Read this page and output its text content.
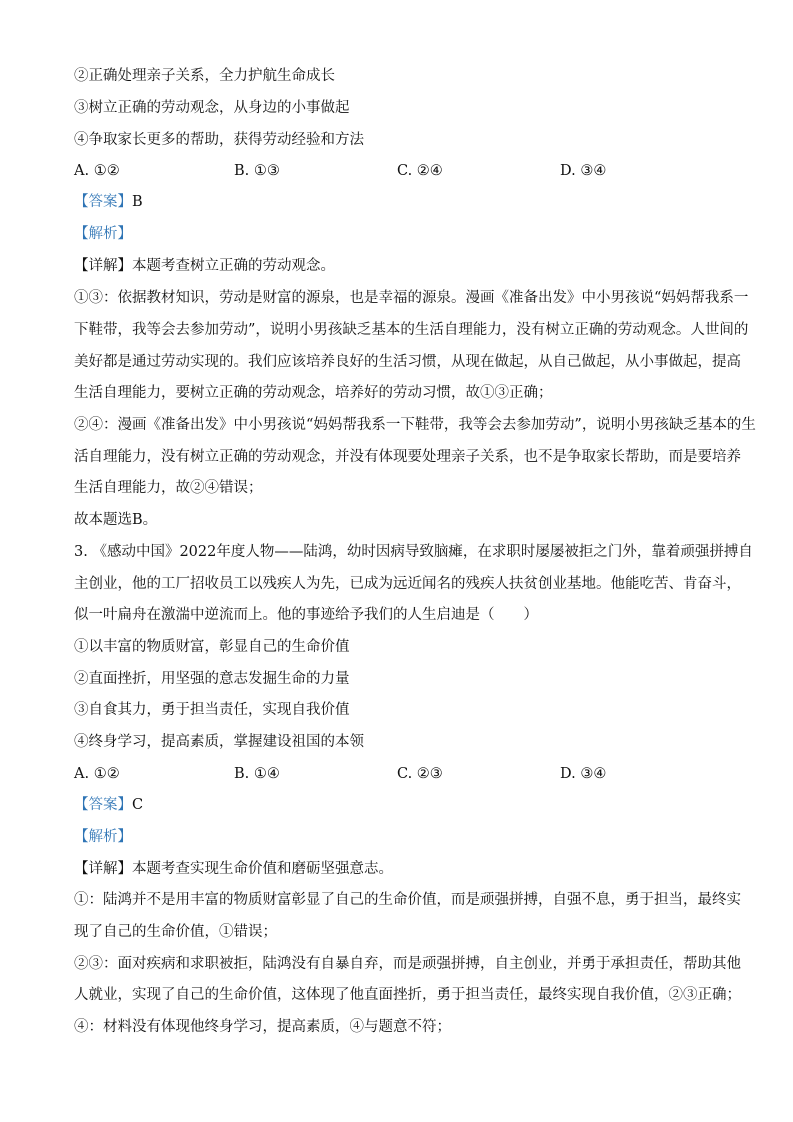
②正确处理亲子关系，全力护航生命成长
③树立正确的劳动观念，从身边的小事做起
④争取家长更多的帮助，获得劳动经验和方法
A. ①②	B. ①③	C. ②④	D. ③④
【答案】B
【解析】
【详解】本题考查树立正确的劳动观念。
①③：依据教材知识，劳动是财富的源泉，也是幸福的源泉。漫画《准备出发》中小男孩说“妈妈帮我系一
下鞋带，我等会去参加劳动”，说明小男孩缺乏基本的生活自理能力，没有树立正确的劳动观念。人世间的
美好都是通过劳动实现的。我们应该培养良好的生活习惯，从现在做起，从自己做起，从小事做起，提高
生活自理能力，要树立正确的劳动观念，培养好的劳动习惯，故①③正确；
②④：漫画《准备出发》中小男孩说“妈妈帮我系一下鞋带，我等会去参加劳动”，说明小男孩缺乏基本的生
活自理能力，没有树立正确的劳动观念，并没有体现要处理亲子关系，也不是争取家长帮助，而是要培养
生活自理能力，故②④错误；
故本题选B。
3. 《感动中国》2022年度人物——陆鸿，幼时因病导致脑瘫，在求职时屡屡被拒之门外，靠着顽强拼搏自
主创业，他的工厂招收员工以残疾人为先，已成为远近闻名的残疾人扶贫创业基地。他能吃苦、肯奋斗，
似一叶扁舟在激湍中逆流而上。他的事迹给予我们的人生启迪是（　　）
①以丰富的物质财富，彰显自己的生命价值
②直面挫折，用坚强的意志发掘生命的力量
③自食其力，勇于担当责任，实现自我价值
④终身学习，提高素质，掌握建设祖国的本领
A. ①②	B. ①④	C. ②③	D. ③④
【答案】C
【解析】
【详解】本题考查实现生命价值和磨砺坚强意志。
①：陆鸿并不是用丰富的物质财富彰显了自己的生命价值，而是顽强拼搏，自强不息，勇于担当，最终实
现了自己的生命价值，①错误；
②③：面对疾病和求职被拒，陆鸿没有自暴自弃，而是顽强拼搏，自主创业，并勇于承担责任，帮助其他
人就业，实现了自己的生命价值，这体现了他直面挫折，勇于担当责任，最终实现自我价值，②③正确；
④：材料没有体现他终身学习，提高素质，④与题意不符；
